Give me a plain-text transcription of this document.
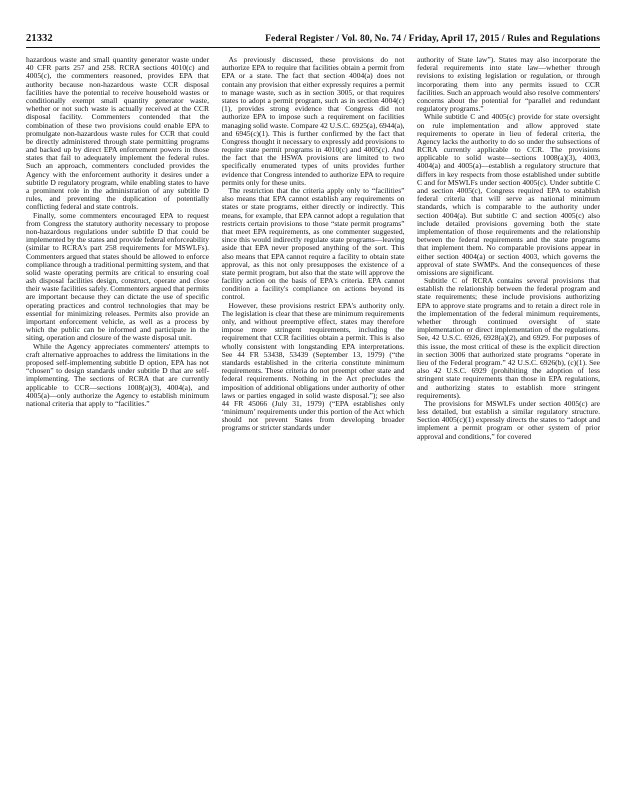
21332	Federal Register / Vol. 80, No. 74 / Friday, April 17, 2015 / Rules and Regulations

hazardous waste and small quantity generator waste under 40 CFR parts 257 and 258. RCRA sections 4010(c) and 4005(c), the commenters reasoned, provides EPA that authority because non-hazardous waste CCR disposal facilities have the potential to receive household wastes or conditionally exempt small quantity generator waste, whether or not such waste is actually received at the CCR disposal facility. Commenters contended that the combination of these two provisions could enable EPA to promulgate non-hazardous waste rules for CCR that could be directly administered through state permitting programs and backed up by direct EPA enforcement powers in those states that fail to adequately implement the federal rules. Such an approach, commenters concluded provides the Agency with the enforcement authority it desires under a subtitle D regulatory program, while enabling states to have a prominent role in the administration of any subtitle D rules, and preventing the duplication of potentially conflicting federal and state controls.

Finally, some commenters encouraged EPA to request from Congress the statutory authority necessary to propose non-hazardous regulations under subtitle D that could be implemented by the states and provide federal enforceability (similar to RCRA's part 258 requirements for MSWLFs). Commenters argued that states should be allowed to enforce compliance through a traditional permitting system, and that solid waste operating permits are critical to ensuring coal ash disposal facilities design, construct, operate and close their waste facilities safely. Commenters argued that permits are important because they can dictate the use of specific operating practices and control technologies that may be essential for minimizing releases. Permits also provide an important enforcement vehicle, as well as a process by which the public can be informed and participate in the siting, operation and closure of the waste disposal unit.

While the Agency appreciates commenters' attempts to craft alternative approaches to address the limitations in the proposed self-implementing subtitle D option, EPA has not “chosen” to design standards under subtitle D that are self-implementing. The sections of RCRA that are currently applicable to CCR—sections 1008(a)(3), 4004(a), and 4005(a)—only authorize the Agency to establish minimum national criteria that apply to “facilities.”

As previously discussed, these provisions do not authorize EPA to require that facilities obtain a permit from EPA or a state. The fact that section 4004(a) does not contain any provision that either expressly requires a permit to manage waste, such as in section 3005, or that requires states to adopt a permit program, such as in section 4004(c)(1), provides strong evidence that Congress did not authorize EPA to impose such a requirement on facilities managing solid waste. Compare 42 U.S.C. 6925(a), 6944(a), and 6945(c)(1). This is further confirmed by the fact that Congress thought it necessary to expressly add provisions to require state permit programs in 4010(c) and 4005(c). And the fact that the HSWA provisions are limited to two specifically enumerated types of units provides further evidence that Congress intended to authorize EPA to require permits only for these units.

The restriction that the criteria apply only to “facilities” also means that EPA cannot establish any requirements on states or state programs, either directly or indirectly. This means, for example, that EPA cannot adopt a regulation that restricts certain provisions to those “state permit programs” that meet EPA requirements, as one commenter suggested, since this would indirectly regulate state programs—leaving aside that EPA never proposed anything of the sort. This also means that EPA cannot require a facility to obtain state approval, as this not only presupposes the existence of a state permit program, but also that the state will approve the facility action on the basis of EPA's criteria. EPA cannot condition a facility's compliance on actions beyond its control.

However, these provisions restrict EPA's authority only. The legislation is clear that these are minimum requirements only, and without preemptive effect, states may therefore impose more stringent requirements, including the requirement that CCR facilities obtain a permit. This is also wholly consistent with longstanding EPA interpretations. See 44 FR 53438, 53439 (September 13, 1979) (“the standards established in the criteria constitute minimum requirements. These criteria do not preempt other state and federal requirements. Nothing in the Act precludes the imposition of additional obligations under authority of other laws or parties engaged in solid waste disposal.”); see also 44 FR 45066 (July 31, 1979) (“EPA establishes only ‘minimum’ requirements under this portion of the Act which should not prevent States from developing broader programs or stricter standards under

authority of State law”). States may also incorporate the federal requirements into state law—whether through revisions to existing legislation or regulation, or through incorporating them into any permits issued to CCR facilities. Such an approach would also resolve commenters' concerns about the potential for “parallel and redundant regulatory programs.”

While subtitle C and 4005(c) provide for state oversight on rule implementation and allow approved state requirements to operate in lieu of federal criteria, the Agency lacks the authority to do so under the subsections of RCRA currently applicable to CCR. The provisions applicable to solid waste—sections 1008(a)(3), 4003, 4004(a) and 4005(a)—establish a regulatory structure that differs in key respects from those established under subtitle C and for MSWLFs under section 4005(c). Under subtitle C and section 4005(c), Congress required EPA to establish federal criteria that will serve as national minimum standards, which is comparable to the authority under section 4004(a). But subtitle C and section 4005(c) also include detailed provisions governing both the state implementation of those requirements and the relationship between the federal requirements and the state programs that implement them. No comparable provisions appear in either section 4004(a) or section 4003, which governs the approval of state SWMPs. And the consequences of these omissions are significant.

Subtitle C of RCRA contains several provisions that establish the relationship between the federal program and state requirements; these include provisions authorizing EPA to approve state programs and to retain a direct role in the implementation of the federal minimum requirements, whether through continued oversight of state implementation or direct implementation of the regulations. See, 42 U.S.C. 6926, 6928(a)(2), and 6929. For purposes of this issue, the most critical of these is the explicit direction in section 3006 that authorized state programs “operate in lieu of the Federal program.” 42 U.S.C. 6926(b), (c)(1). See also 42 U.S.C. 6929 (prohibiting the adoption of less stringent state requirements than those in EPA regulations, and authorizing states to establish more stringent requirements).

The provisions for MSWLFs under section 4005(c) are less detailed, but establish a similar regulatory structure. Section 4005(c)(1) expressly directs the states to “adopt and implement a permit program or other system of prior approval and conditions,” for covered
